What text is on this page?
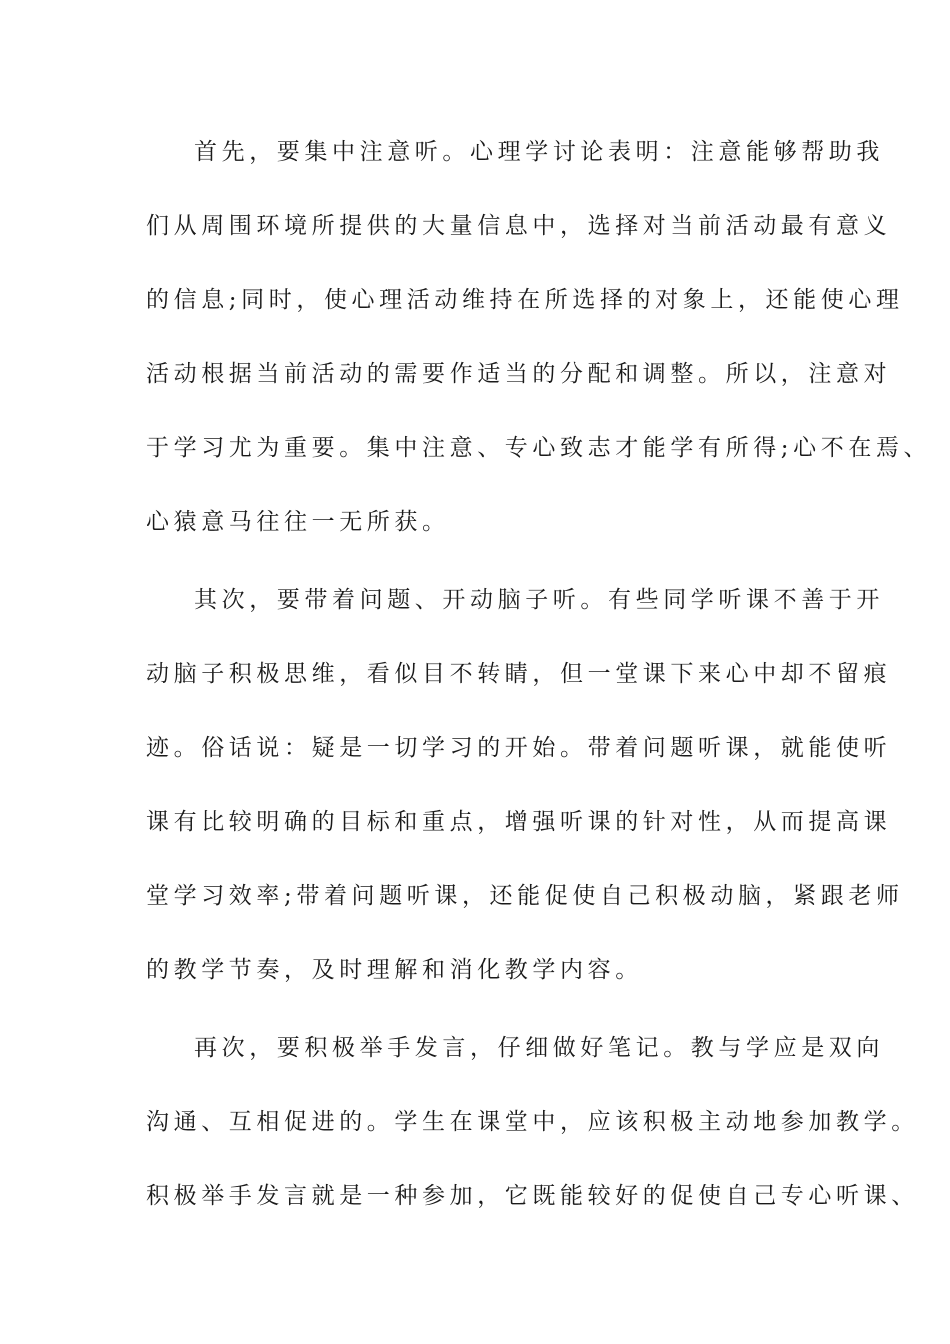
首先，要集中注意听。心理学讨论表明：注意能够帮助我
们从周围环境所提供的大量信息中，选择对当前活动最有意义
的信息;同时，使心理活动维持在所选择的对象上，还能使心理
活动根据当前活动的需要作适当的分配和调整。所以，注意对
于学习尤为重要。集中注意、专心致志才能学有所得;心不在焉、
心猿意马往往一无所获。
其次，要带着问题、开动脑子听。有些同学听课不善于开
动脑子积极思维，看似目不转睛，但一堂课下来心中却不留痕
迹。俗话说：疑是一切学习的开始。带着问题听课，就能使听
课有比较明确的目标和重点，增强听课的针对性，从而提高课
堂学习效率;带着问题听课，还能促使自己积极动脑，紧跟老师
的教学节奏，及时理解和消化教学内容。
再次，要积极举手发言，仔细做好笔记。教与学应是双向
沟通、互相促进的。学生在课堂中，应该积极主动地参加教学。
积极举手发言就是一种参加，它既能较好的促使自己专心听课、
